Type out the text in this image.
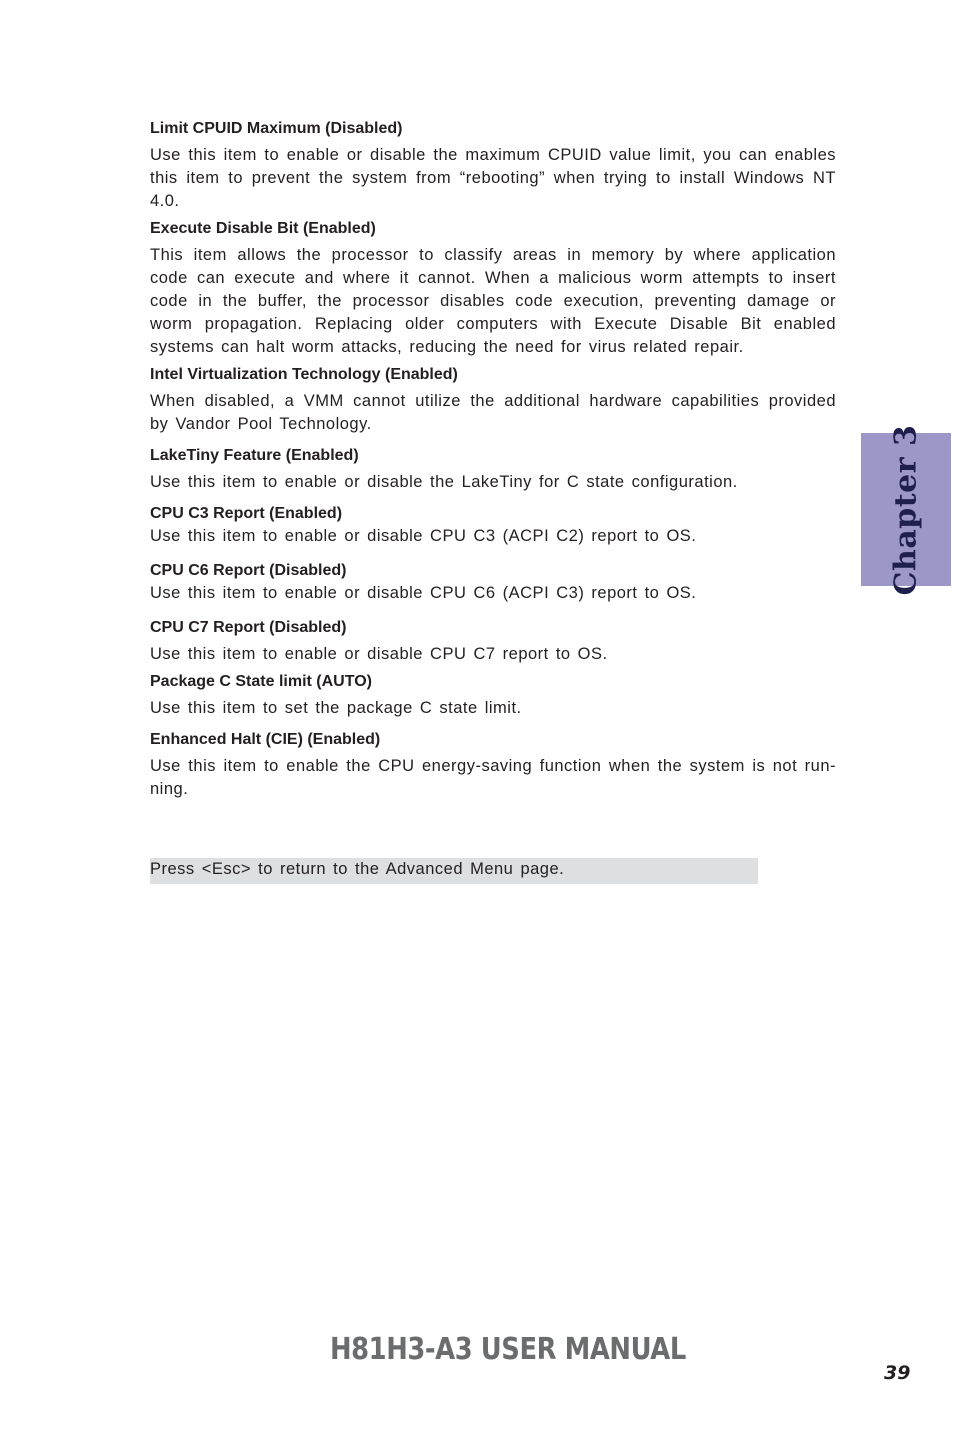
Limit CPUID Maximum (Disabled)
Use this item to enable or disable the maximum CPUID value limit, you can enables this item to prevent the system from “rebooting” when trying to install Windows NT 4.0.
Execute Disable Bit (Enabled)
This item allows the processor to classify areas in memory by where application code can execute and where it cannot. When a malicious worm attempts to insert code in the buffer, the processor disables code execution, preventing damage or worm propagation. Replacing older computers with Execute Disable Bit enabled systems can halt worm attacks, reducing the need for virus related repair.
Intel Virtualization Technology (Enabled)
When disabled, a VMM cannot utilize the additional hardware capabilities provided by Vandor Pool Technology.
LakeTiny Feature (Enabled)
Use this item to enable or disable the LakeTiny for C state configuration.
CPU C3 Report (Enabled)
Use this item to enable or disable CPU C3 (ACPI C2) report to OS.
CPU C6 Report (Disabled)
Use this item to enable or disable CPU C6 (ACPI C3) report to OS.
CPU C7 Report (Disabled)
Use this item to enable or disable CPU C7 report to OS.
Package C State limit (AUTO)
Use this item to set the package C state limit.
Enhanced Halt (CIE) (Enabled)
Use this item to enable the CPU energy-saving function when the system is not run-ning.
Press <Esc> to return to the Advanced Menu page.
Chapter 3
H81H3-A3 USER MANUAL
39
